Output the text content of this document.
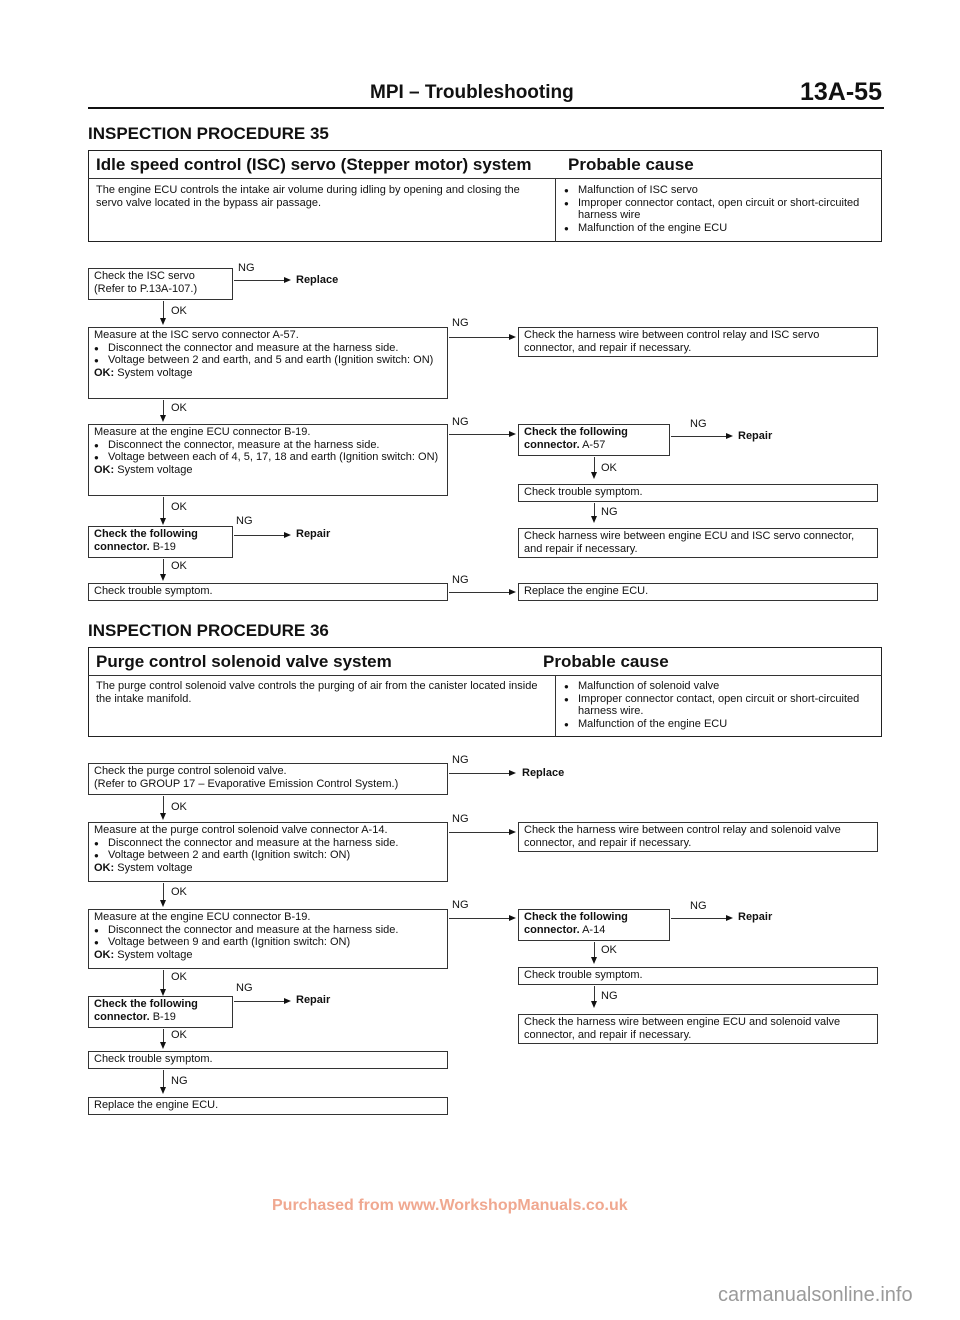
MPI – Troubleshooting	13A-55
INSPECTION PROCEDURE 35
Idle speed control (ISC) servo (Stepper motor) system Probable cause
The engine ECU controls the intake air volume during idling by opening and closing the servo valve located in the bypass air passage.
● Malfunction of ISC servo
● Improper connector contact, open circuit or short-circuited harness wire
● Malfunction of the engine ECU
Check the ISC servo
(Refer to P.13A-107.)
NG
Replace
OK
Measure at the ISC servo connector A-57.
● Disconnect the connector and measure at the harness side.
● Voltage between 2 and earth, and 5 and earth (Ignition switch: ON)
OK: System voltage
NG
Check the harness wire between control relay and ISC servo connector, and repair if necessary.
OK
Measure at the engine ECU connector B-19.
● Disconnect the connector, measure at the harness side.
● Voltage between each of 4, 5, 17, 18 and earth (Ignition switch: ON)
OK: System voltage
NG
Check the following connector. A-57
NG
Repair
OK
Check trouble symptom.
NG
Check harness wire between engine ECU and ISC servo connector, and repair if necessary.
OK
Check the following connector. B-19
NG
Repair
OK
Check trouble symptom.
NG
Replace the engine ECU.
INSPECTION PROCEDURE 36
Purge control solenoid valve system	Probable cause
The purge control solenoid valve controls the purging of air from the canister located inside the intake manifold.
● Malfunction of solenoid valve
● Improper connector contact, open circuit or short-circuited harness wire.
● Malfunction of the engine ECU
Check the purge control solenoid valve.
(Refer to GROUP 17 – Evaporative Emission Control System.)
NG
Replace
OK
Measure at the purge control solenoid valve connector A-14.
● Disconnect the connector and measure at the harness side.
● Voltage between 2 and earth (Ignition switch: ON)
OK: System voltage
NG
Check the harness wire between control relay and solenoid valve connector, and repair if necessary.
OK
Measure at the engine ECU connector B-19.
● Disconnect the connector and measure at the harness side.
● Voltage between 9 and earth (Ignition switch: ON)
OK: System voltage
NG
Check the following connector. A-14
NG
Repair
OK
Check trouble symptom.
NG
Check the harness wire between engine ECU and solenoid valve connector, and repair if necessary.
OK
Check the following connector. B-19
NG
Repair
OK
Check trouble symptom.
NG
Replace the engine ECU.
Purchased from www.WorkshopManuals.co.uk
carmanualsonline.info
